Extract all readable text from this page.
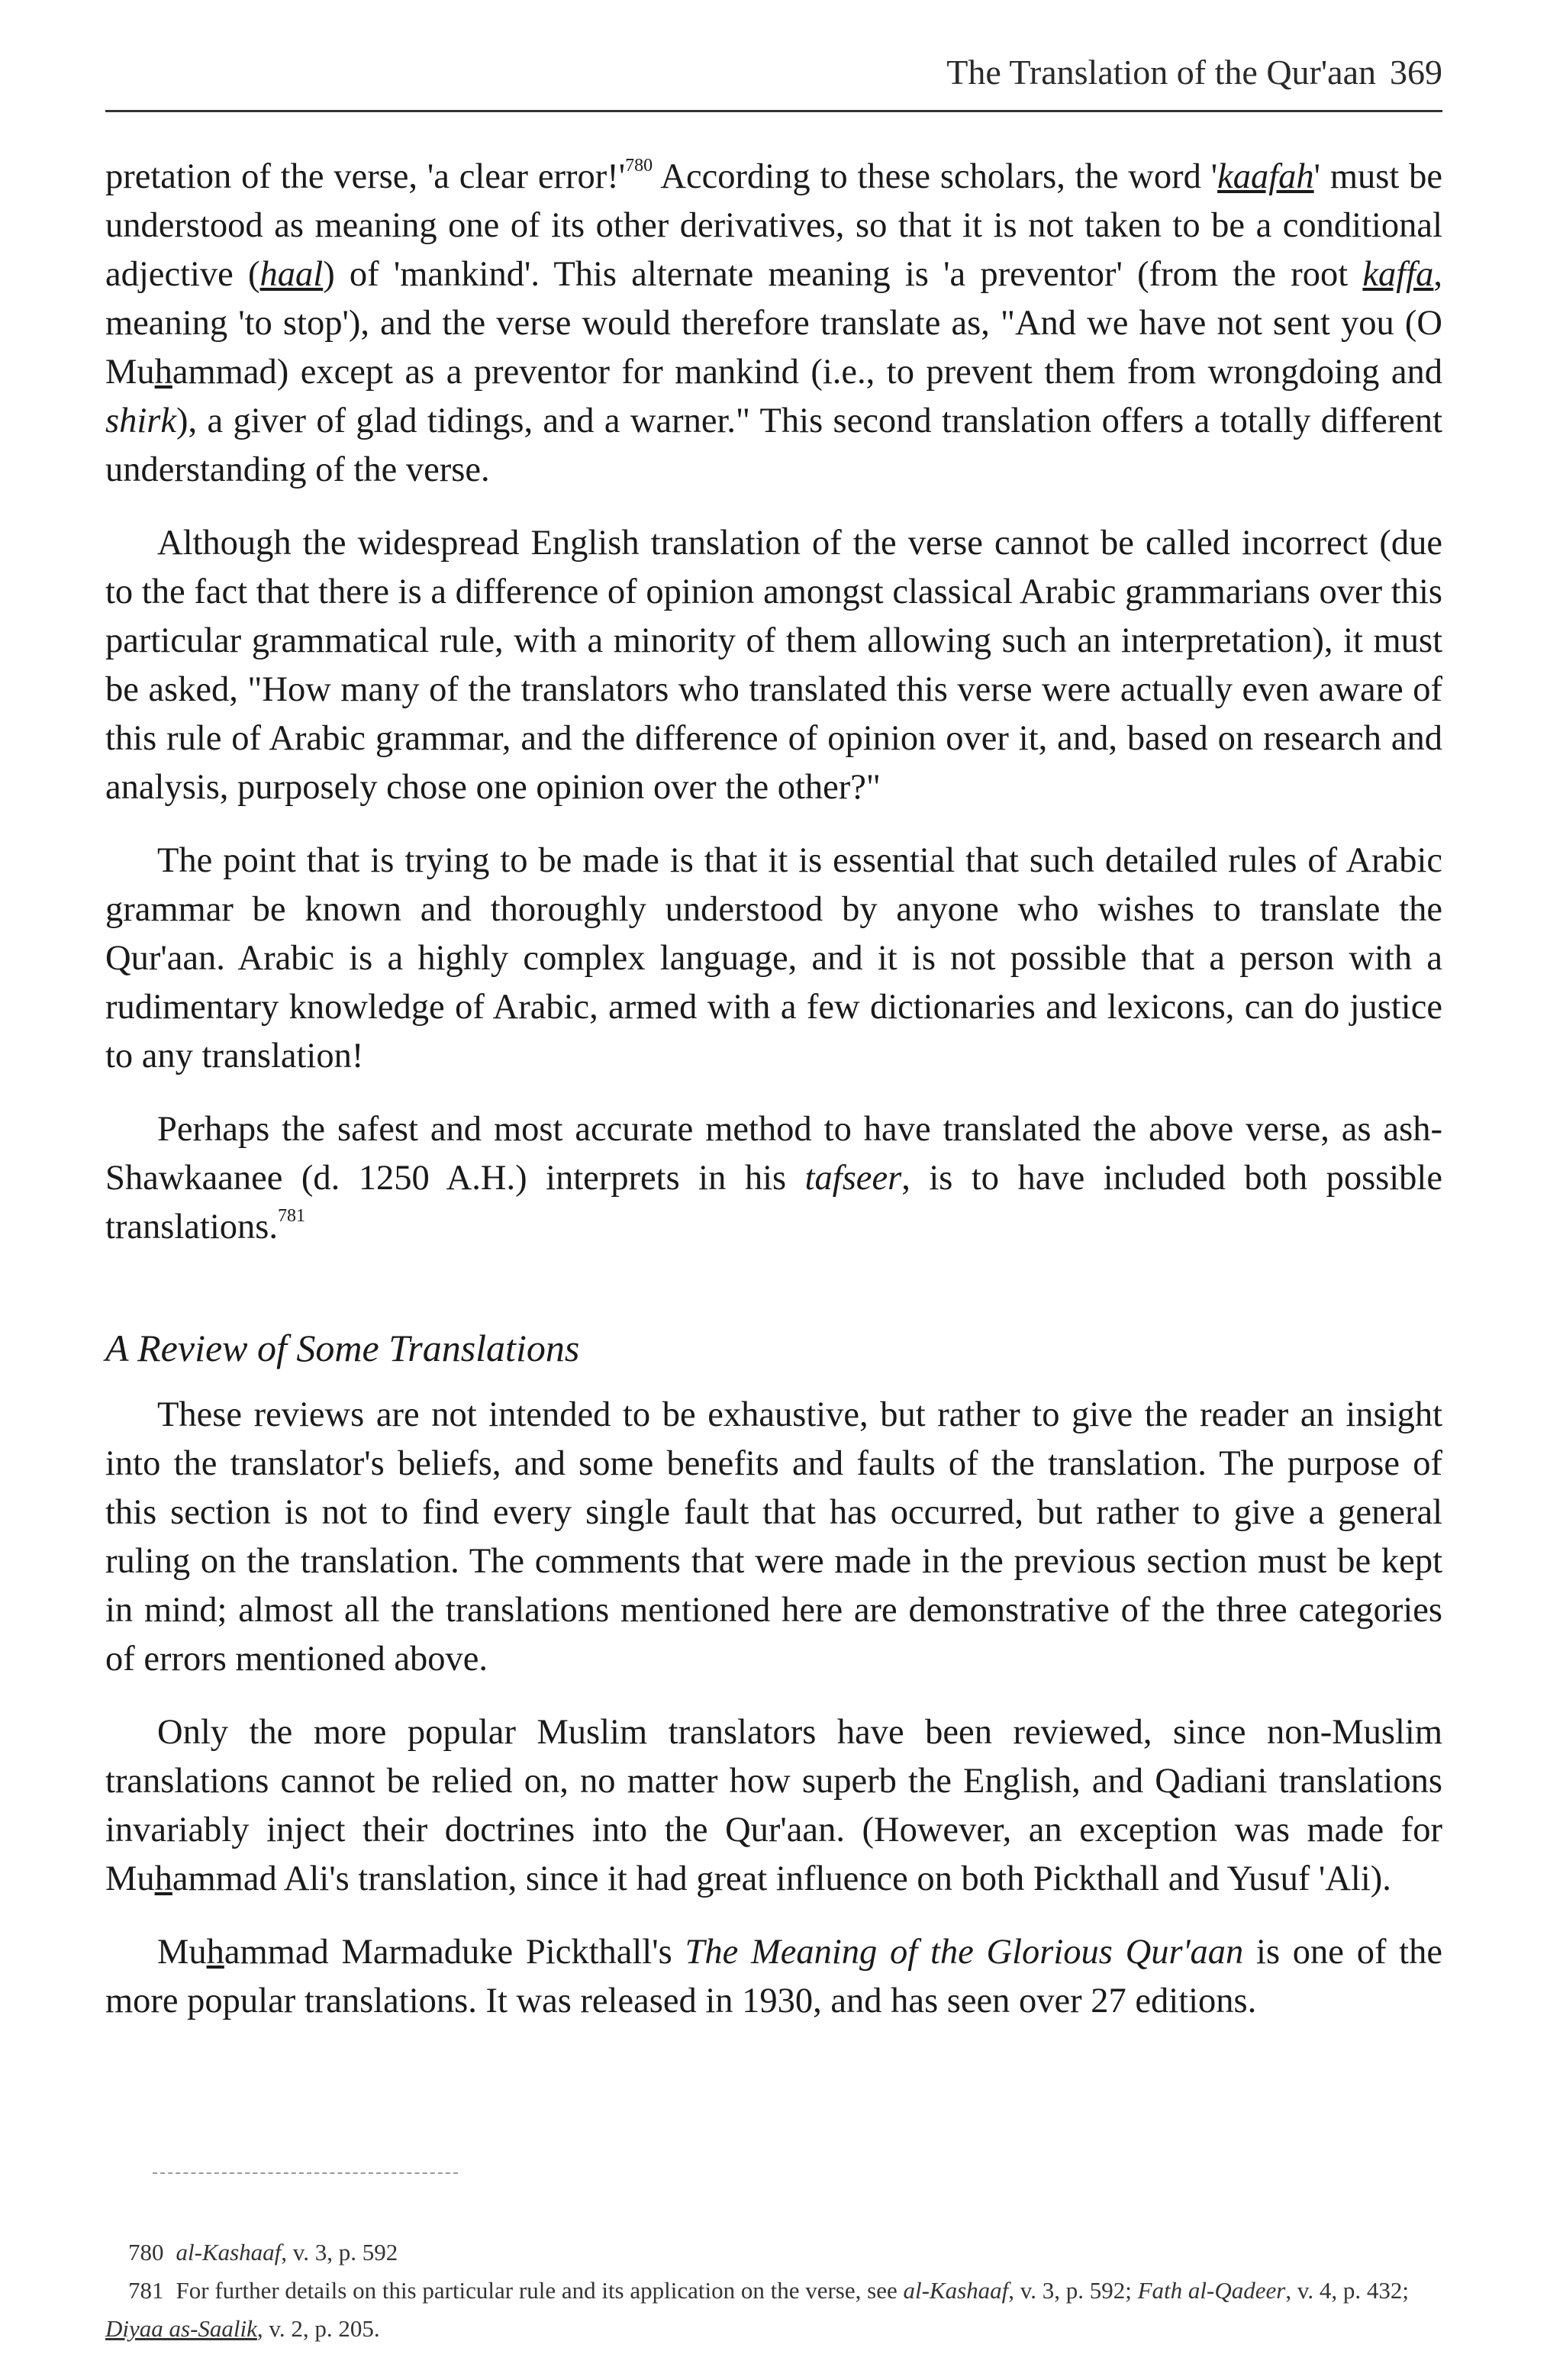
The Translation of the Qur'aan 369

pretation of the verse, 'a clear $error!'^{780}$ According to these scholars, the word 'kaafah' must be understood as meaning one of its other derivatives, so that it is not taken to be a conditional adjective (haal) of 'mankind'. This alternate meaning is 'a preventor' (from the root kaffa, meaning 'to stop'), and the verse would therefore translate as, "And we have not sent you (O Muhammad) except as a preventor for mankind (i.e., to prevent them from wrongdoing and shirk), a giver of glad tidings, and a warner." This second translation offers a totally different understanding of the verse.

Although the widespread English translation of the verse cannot be called incorrect (due to the fact that there is a difference of opinion amongst classical Arabic grammarians over this particular grammatical rule, with a minority of them allowing such an interpretation), it must be asked, "How many of the translators who translated this verse were actually even aware of this rule of Arabic grammar, and the difference of opinion over it, and, based on research and analysis, purposely chose one opinion over the other?"

The point that is trying to be made is that it is essential that such detailed rules of Arabic grammar be known and thoroughly understood by anyone who wishes to translate the Qur'aan. Arabic is a highly complex language, and it is not possible that a person with a rudimentary knowledge of Arabic, armed with a few dictionaries and lexicons, can do justice to any translation!

Perhaps the safest and most accurate method to have translated the above verse, as ash-Shawkaanee (d. 1250 A.H.) interprets in his tafseer, is to have included both possible translations.$^{781}$

A Review of Some Translations

These reviews are not intended to be exhaustive, but rather to give the reader an insight into the translator's beliefs, and some benefits and faults of the translation. The purpose of this section is not to find every single fault that has occurred, but rather to give a general ruling on the translation. The comments that were made in the previous section must be kept in mind; almost all the translations mentioned here are demonstrative of the three categories of errors mentioned above.

Only the more popular Muslim translators have been reviewed, since non-Muslim translations cannot be relied on, no matter how superb the English, and Qadiani translations invariably inject their doctrines into the Qur'aan. (However, an exception was made for Muhammad Ali's translation, since it had great influence on both Pickthall and Yusuf 'Ali).

Muhammad Marmaduke Pickthall's The Meaning of the Glorious Qur'aan is one of the more popular translations. It was released in 1930, and has seen over 27 editions.

780 al-Kashaaf, v. 3, p. 592

781 For further details on this particular rule and its application on the verse, see al-Kashaaf, v. 3, p. 592; Fath al-Qadeer, v. 4, p. 432; Diyaa as-Saalik, v. 2, p. 205.
